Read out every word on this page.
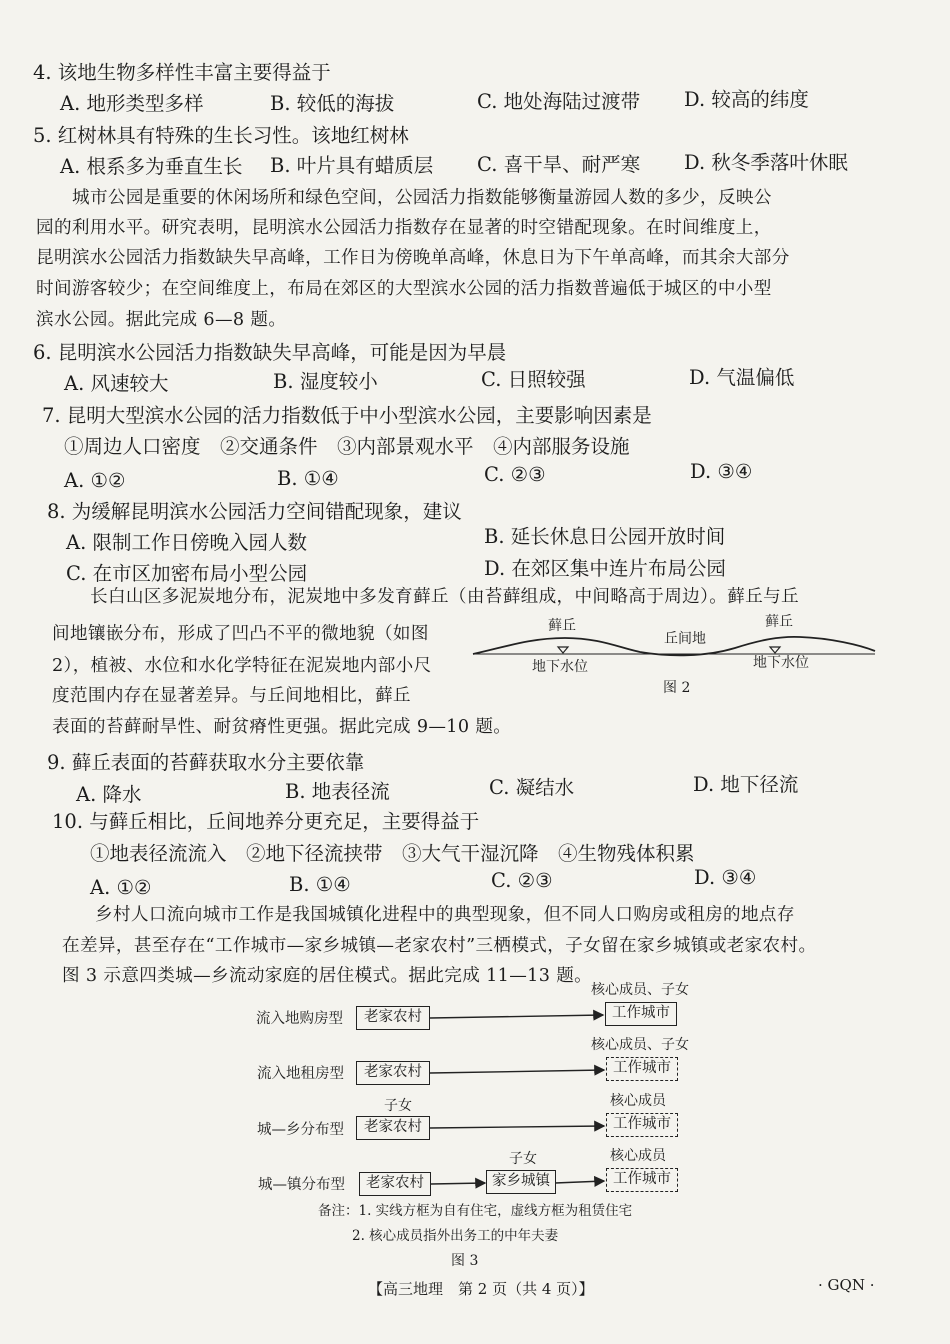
4. 该地生物多样性丰富主要得益于
A. 地形类型多样	B. 较低的海拔	C. 地处海陆过渡带 D. 较高的纬度
5. 红树林具有特殊的生长习性。该地红树林
A. 根系多为垂直生长 B. 叶片具有蜡质层 C. 喜干旱、耐严寒 D. 秋冬季落叶休眠
城市公园是重要的休闲场所和绿色空间，公园活力指数能够衡量游园人数的多少，反映公
园的利用水平。研究表明，昆明滨水公园活力指数存在显著的时空错配现象。在时间维度上，
昆明滨水公园活力指数缺失早高峰，工作日为傍晚单高峰，休息日为下午单高峰，而其余大部分
时间游客较少；在空间维度上，布局在郊区的大型滨水公园的活力指数普遍低于城区的中小型
滨水公园。据此完成 6—8 题。
6. 昆明滨水公园活力指数缺失早高峰，可能是因为早晨
A. 风速较大	B. 湿度较小	C. 日照较强	D. 气温偏低
7. 昆明大型滨水公园的活力指数低于中小型滨水公园，主要影响因素是
①周边人口密度　②交通条件　③内部景观水平　④内部服务设施
A. ①②	B. ①④	C. ②③	D. ③④
8. 为缓解昆明滨水公园活力空间错配现象，建议
A. 限制工作日傍晚入园人数	B. 延长休息日公园开放时间
C. 在市区加密布局小型公园	D. 在郊区集中连片布局公园
长白山区多泥炭地分布，泥炭地中多发育藓丘（由苔藓组成，中间略高于周边）。藓丘与丘
间地镶嵌分布，形成了凹凸不平的微地貌（如图
2），植被、水位和水化学特征在泥炭地内部小尺
度范围内存在显著差异。与丘间地相比，藓丘
表面的苔藓耐旱性、耐贫瘠性更强。据此完成 9—10 题。
藓丘
丘间地
藓丘
地下水位	地下水位
图 2
9. 藓丘表面的苔藓获取水分主要依靠
A. 降水	B. 地表径流	C. 凝结水	D. 地下径流
10. 与藓丘相比，丘间地养分更充足，主要得益于
①地表径流流入　②地下径流挟带　③大气干湿沉降　④生物残体积累
A. ①②	B. ①④	C. ②③	D. ③④
乡村人口流向城市工作是我国城镇化进程中的典型现象，但不同人口购房或租房的地点存
在差异，甚至存在“工作城市—家乡城镇—老家农村”三栖模式，子女留在家乡城镇或老家农村。
图 3 示意四类城—乡流动家庭的居住模式。据此完成 11—13 题。
流入地购房型	老家农村
核心成员、子女
工作城市
流入地租房型	老家农村
核心成员、子女
工作城市
城—乡分布型
子女
老家农村
核心成员
工作城市
城—镇分布型	老家农村
子女
家乡城镇
核心成员
工作城市
备注：1. 实线方框为自有住宅，虚线方框为租赁住宅
2. 核心成员指外出务工的中年夫妻
图 3
【高三地理　第 2 页（共 4 页）】	· GQN ·
